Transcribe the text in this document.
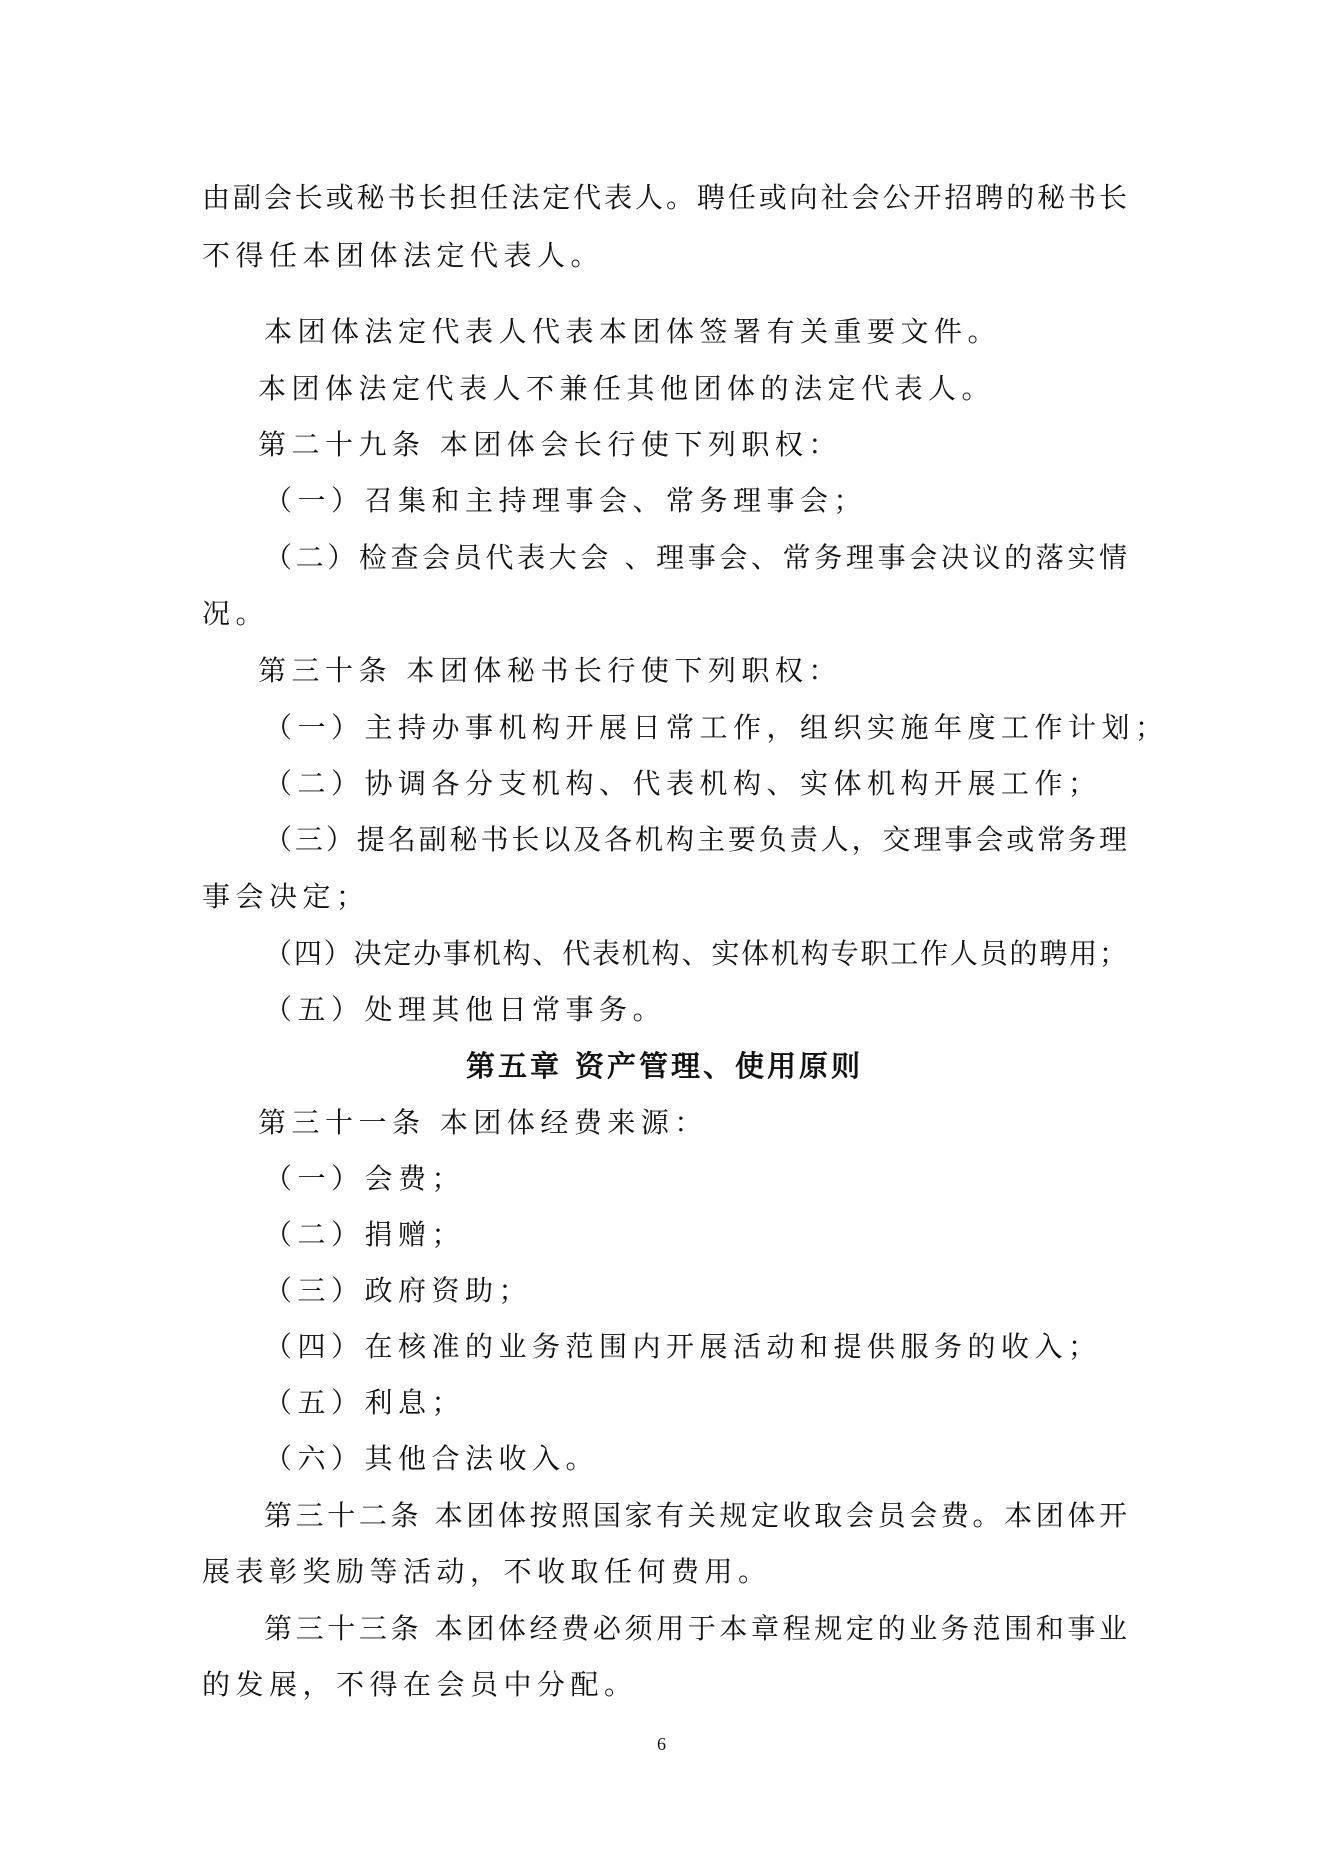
由副会长或秘书长担任法定代表人。聘任或向社会公开招聘的秘书长
不得任本团体法定代表人。
本团体法定代表人代表本团体签署有关重要文件。
本团体法定代表人不兼任其他团体的法定代表人。
第二十九条 本团体会长行使下列职权：
（一）召集和主持理事会、常务理事会；
（二）检查会员代表大会 、理事会、常务理事会决议的落实情
况。
第三十条 本团体秘书长行使下列职权：
（一）主持办事机构开展日常工作，组织实施年度工作计划；
（二）协调各分支机构、代表机构、实体机构开展工作；
（三）提名副秘书长以及各机构主要负责人，交理事会或常务理
事会决定；
（四）决定办事机构、代表机构、实体机构专职工作人员的聘用；
（五）处理其他日常事务。
第五章 资产管理、使用原则
第三十一条 本团体经费来源：
（一）会费；
（二）捐赠；
（三）政府资助；
（四）在核准的业务范围内开展活动和提供服务的收入；
（五）利息；
（六）其他合法收入。
第三十二条 本团体按照国家有关规定收取会员会费。本团体开
展表彰奖励等活动，不收取任何费用。
第三十三条 本团体经费必须用于本章程规定的业务范围和事业
的发展，不得在会员中分配。
6
